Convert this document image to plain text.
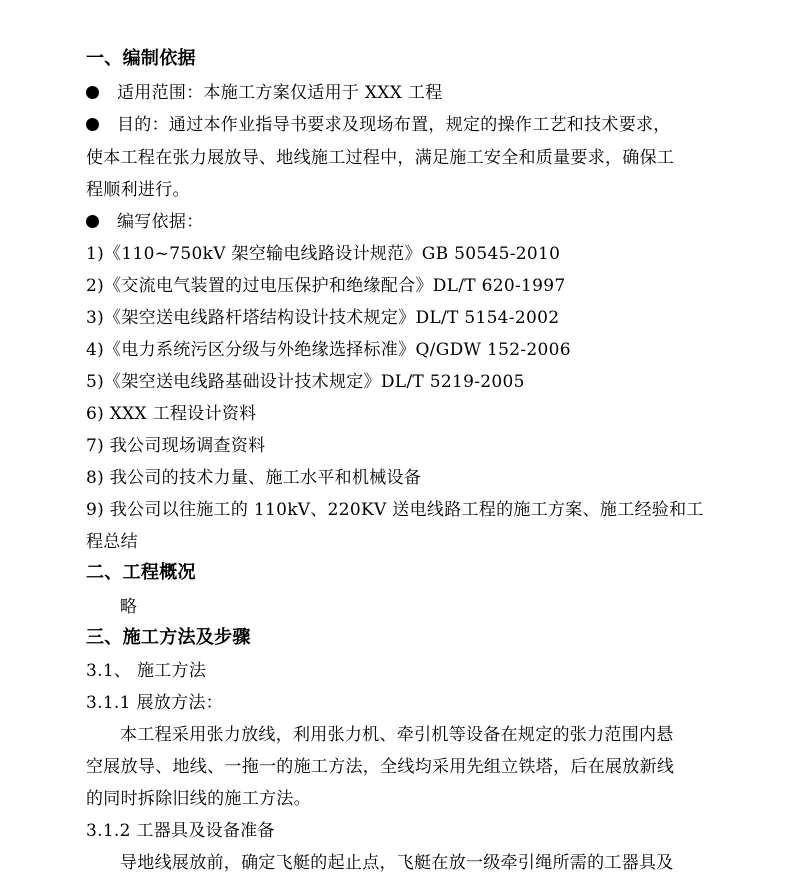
一、编制依据
适用范围：本施工方案仅适用于 XXX 工程
目的：通过本作业指导书要求及现场布置，规定的操作工艺和技术要求，
使本工程在张力展放导、地线施工过程中，满足施工安全和质量要求，确保工
程顺利进行。
编写依据：
1)《110~750kV 架空输电线路设计规范》GB 50545-2010
2)《交流电气装置的过电压保护和绝缘配合》DL/T 620-1997
3)《架空送电线路杆塔结构设计技术规定》DL/T 5154-2002
4)《电力系统污区分级与外绝缘选择标准》Q/GDW 152-2006
5)《架空送电线路基础设计技术规定》DL/T 5219-2005
6) XXX 工程设计资料
7) 我公司现场调查资料
8) 我公司的技术力量、施工水平和机械设备
9) 我公司以往施工的 110kV、220KV 送电线路工程的施工方案、施工经验和工
程总结
二、工程概况
略
三、施工方法及步骤
3.1、 施工方法
3.1.1 展放方法：
本工程采用张力放线，利用张力机、牵引机等设备在规定的张力范围内悬
空展放导、地线、一拖一的施工方法，全线均采用先组立铁塔，后在展放新线
的同时拆除旧线的施工方法。
3.1.2 工器具及设备准备
导地线展放前，确定飞艇的起止点，飞艇在放一级牵引绳所需的工器具及
